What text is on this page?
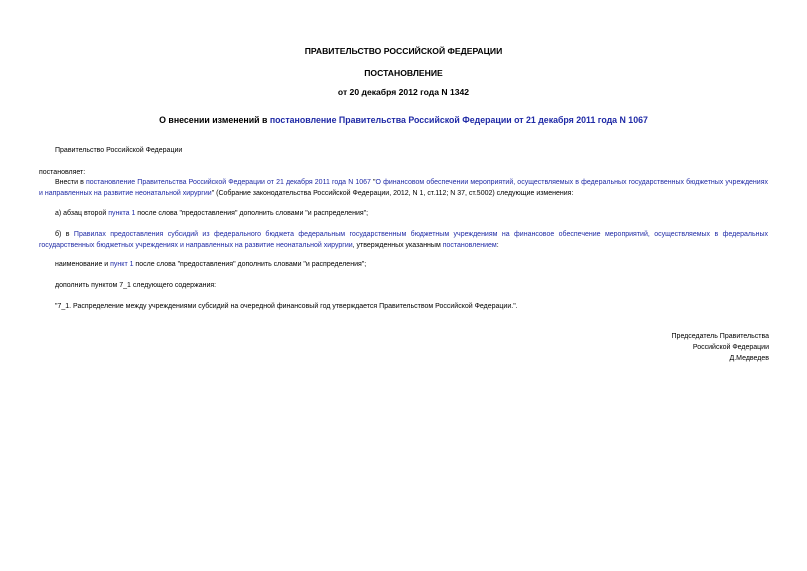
ПРАВИТЕЛЬСТВО РОССИЙСКОЙ ФЕДЕРАЦИИ
ПОСТАНОВЛЕНИЕ
от 20 декабря 2012 года N 1342
О внесении изменений в постановление Правительства Российской Федерации от 21 декабря 2011 года N 1067
Правительство Российской Федерации
постановляет:
Внести в постановление Правительства Российской Федерации от 21 декабря 2011 года N 1067 "О финансовом обеспечении мероприятий, осуществляемых в федеральных государственных бюджетных учреждениях и направленных на развитие неонатальной хирургии" (Собрание законодательства Российской Федерации, 2012, N 1, ст.112; N 37, ст.5002) следующие изменения:
а) абзац второй пункта 1 после слова "предоставления" дополнить словами "и распределения";
б) в Правилах предоставления субсидий из федерального бюджета федеральным государственным бюджетным учреждениям на финансовое обеспечение мероприятий, осуществляемых в федеральных государственных бюджетных учреждениях и направленных на развитие неонатальной хирургии, утвержденных указанным постановлением:
наименование и пункт 1 после слова "предоставления" дополнить словами "и распределения";
дополнить пунктом 7_1 следующего содержания:
"7_1. Распределение между учреждениями субсидий на очередной финансовый год утверждается Правительством Российской Федерации.".
Председатель Правительства
Российской Федерации
Д.Медведев
